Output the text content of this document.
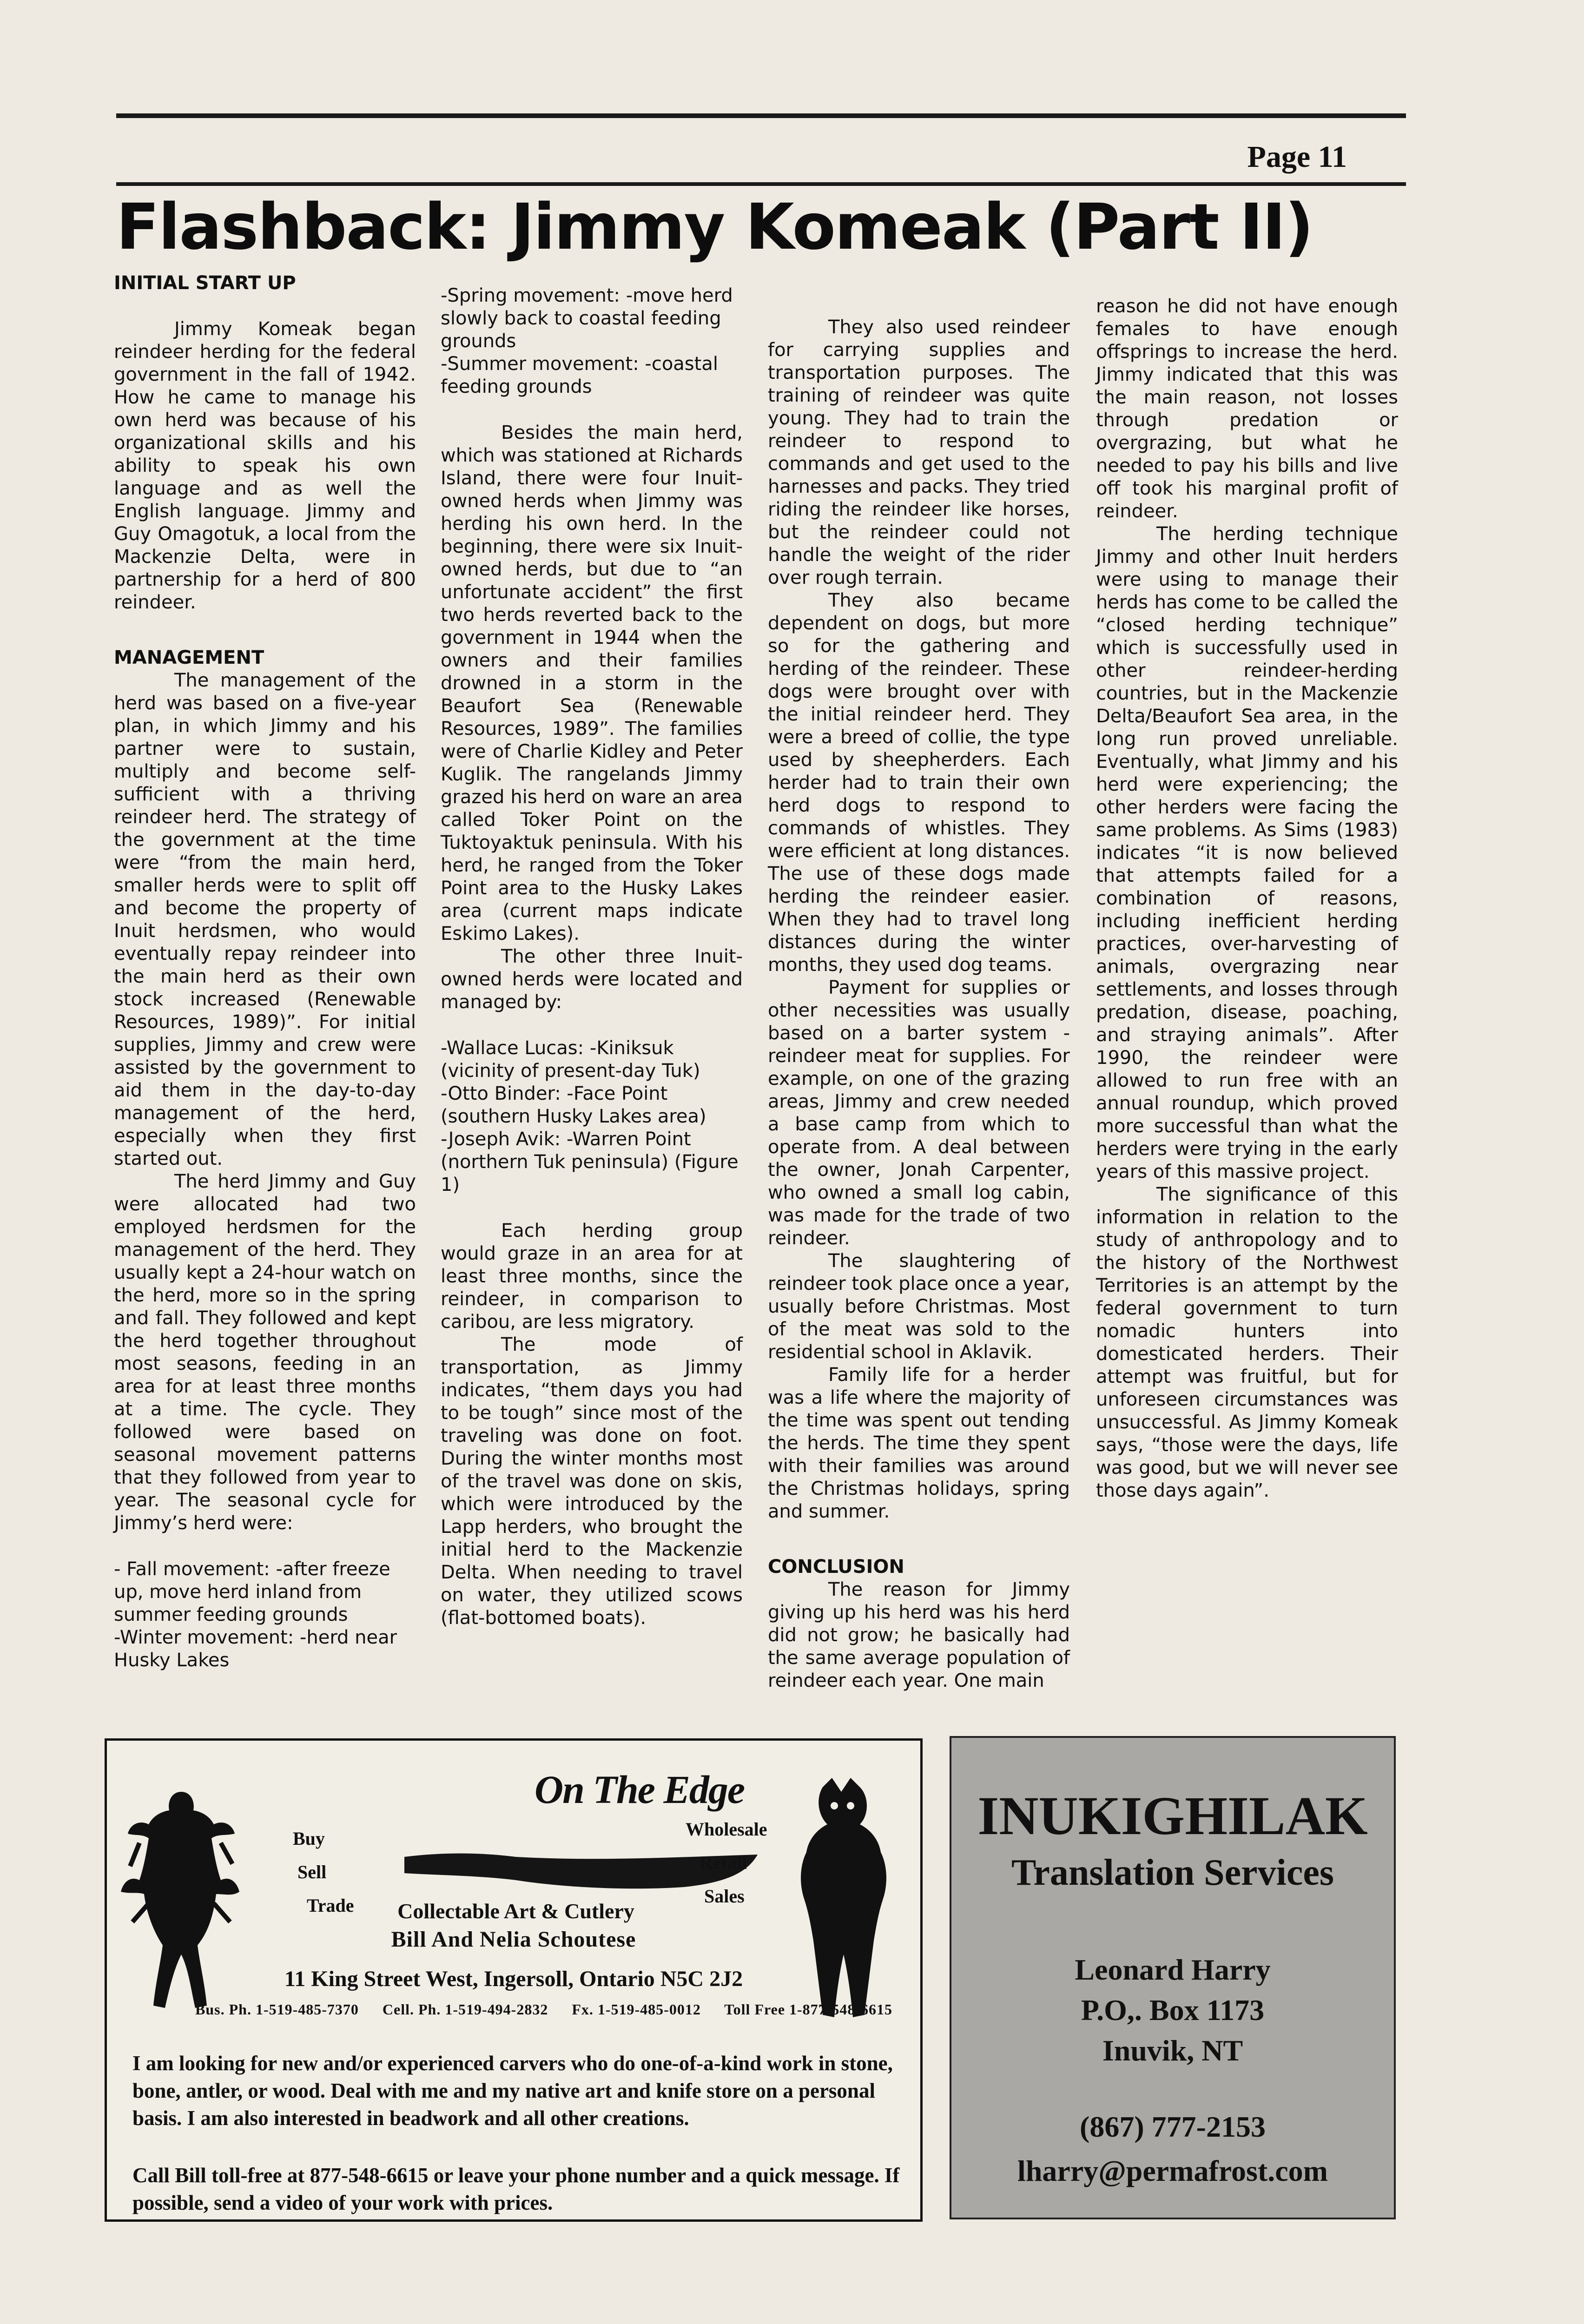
Page 11
Flashback: Jimmy Komeak (Part II)
INITIAL START UP

Jimmy Komeak began reindeer herding for the federal government in the fall of 1942. How he came to manage his own herd was because of his organizational skills and his ability to speak his own language and as well the English language. Jimmy and Guy Omagotuk, a local from the Mackenzie Delta, were in partnership for a herd of 800 reindeer.

MANAGEMENT

The management of the herd was based on a five-year plan, in which Jimmy and his partner were to sustain, multiply and become self-sufficient with a thriving reindeer herd. The strategy of the government at the time were “from the main herd, smaller herds were to split off and become the property of Inuit herdsmen, who would eventually repay reindeer into the main herd as their own stock increased (Renewable Resources, 1989)”. For initial supplies, Jimmy and crew were assisted by the government to aid them in the day-to-day management of the herd, especially when they first started out.

The herd Jimmy and Guy were allocated had two employed herdsmen for the management of the herd. They usually kept a 24-hour watch on the herd, more so in the spring and fall. They followed and kept the herd together throughout most seasons, feeding in an area for at least three months at a time. The cycle. They followed were based on seasonal movement patterns that they followed from year to year. The seasonal cycle for Jimmy’s herd were:

- Fall movement: -after freeze up, move herd inland from summer feeding grounds
-Winter movement: -herd near Husky Lakes
-Spring movement: -move herd slowly back to coastal feeding grounds
-Summer movement: -coastal feeding grounds

Besides the main herd, which was stationed at Richards Island, there were four Inuit-owned herds when Jimmy was herding his own herd. In the beginning, there were six Inuit-owned herds, but due to “an unfortunate accident” the first two herds reverted back to the government in 1944 when the owners and their families drowned in a storm in the Beaufort Sea (Renewable Resources, 1989”. The families were of Charlie Kidley and Peter Kuglik. The rangelands Jimmy grazed his herd on ware an area called Toker Point on the Tuktoyaktuk peninsula. With his herd, he ranged from the Toker Point area to the Husky Lakes area (current maps indicate Eskimo Lakes).

The other three Inuit-owned herds were located and managed by:

-Wallace Lucas: -Kiniksuk (vicinity of present-day Tuk)
-Otto Binder: -Face Point (southern Husky Lakes area)
-Joseph Avik: -Warren Point (northern Tuk peninsula) (Figure 1)

Each herding group would graze in an area for at least three months, since the reindeer, in comparison to caribou, are less migratory.

The mode of transportation, as Jimmy indicates, “them days you had to be tough” since most of the traveling was done on foot. During the winter months most of the travel was done on skis, which were introduced by the Lapp herders, who brought the initial herd to the Mackenzie Delta. When needing to travel on water, they utilized scows (flat-bottomed boats).

They also used reindeer for carrying supplies and transportation purposes. The training of reindeer was quite young. They had to train the reindeer to respond to commands and get used to the harnesses and packs. They tried riding the reindeer like horses, but the reindeer could not handle the weight of the rider over rough terrain.

They also became dependent on dogs, but more so for the gathering and herding of the reindeer. These dogs were brought over with the initial reindeer herd. They were a breed of collie, the type used by sheepherders. Each herder had to train their own herd dogs to respond to commands of whistles. They were efficient at long distances. The use of these dogs made herding the reindeer easier. When they had to travel long distances during the winter months, they used dog teams.

Payment for supplies or other necessities was usually based on a barter system - reindeer meat for supplies. For example, on one of the grazing areas, Jimmy and crew needed a base camp from which to operate from. A deal between the owner, Jonah Carpenter, who owned a small log cabin, was made for the trade of two reindeer.

The slaughtering of reindeer took place once a year, usually before Christmas. Most of the meat was sold to the residential school in Aklavik.

Family life for a herder was a life where the majority of the time was spent out tending the herds. The time they spent with their families was around the Christmas holidays, spring and summer.

CONCLUSION

The reason for Jimmy giving up his herd was his herd did not grow; he basically had the same average population of reindeer each year. One main

reason he did not have enough females to have enough offsprings to increase the herd. Jimmy indicated that this was the main reason, not losses through predation or overgrazing, but what he needed to pay his bills and live off took his marginal profit of reindeer.

The herding technique Jimmy and other Inuit herders were using to manage their herds has come to be called the “closed herding technique” which is successfully used in other reindeer-herding countries, but in the Mackenzie Delta/Beaufort Sea area, in the long run proved unreliable. Eventually, what Jimmy and his herd were experiencing; the other herders were facing the same problems. As Sims (1983) indicates “it is now believed that attempts failed for a combination of reasons, including inefficient herding practices, over-harvesting of animals, overgrazing near settlements, and losses through predation, disease, poaching, and straying animals”. After 1990, the reindeer were allowed to run free with an annual roundup, which proved more successful than what the herders were trying in the early years of this massive project.

The significance of this information in relation to the study of anthropology and to the history of the Northwest Territories is an attempt by the federal government to turn nomadic hunters into domesticated herders. Their attempt was fruitful, but for unforeseen circumstances was unsuccessful. As Jimmy Komeak says, “those were the days, life was good, but we will never see those days again”.

On The Edge
Buy
Sell
Trade
Wholesale
Retail
Sales
Collectable Art & Cutlery
Bill And Nelia Schoutese
11 King Street West, Ingersoll, Ontario N5C 2J2
Bus. Ph. 1-519-485-7370 Cell. Ph. 1-519-494-2832 Fx. 1-519-485-0012 Toll Free 1-877-548-6615

I am looking for new and/or experienced carvers who do one-of-a-kind work in stone, bone, antler, or wood. Deal with me and my native art and knife store on a personal basis. I am also interested in beadwork and all other creations.

Call Bill toll-free at 877-548-6615 or leave your phone number and a quick message. If possible, send a video of your work with prices.

INUKIGHILAK
Translation Services
Leonard Harry
P.O,. Box 1173
Inuvik, NT
(867) 777-2153
lharry@permafrost.com
